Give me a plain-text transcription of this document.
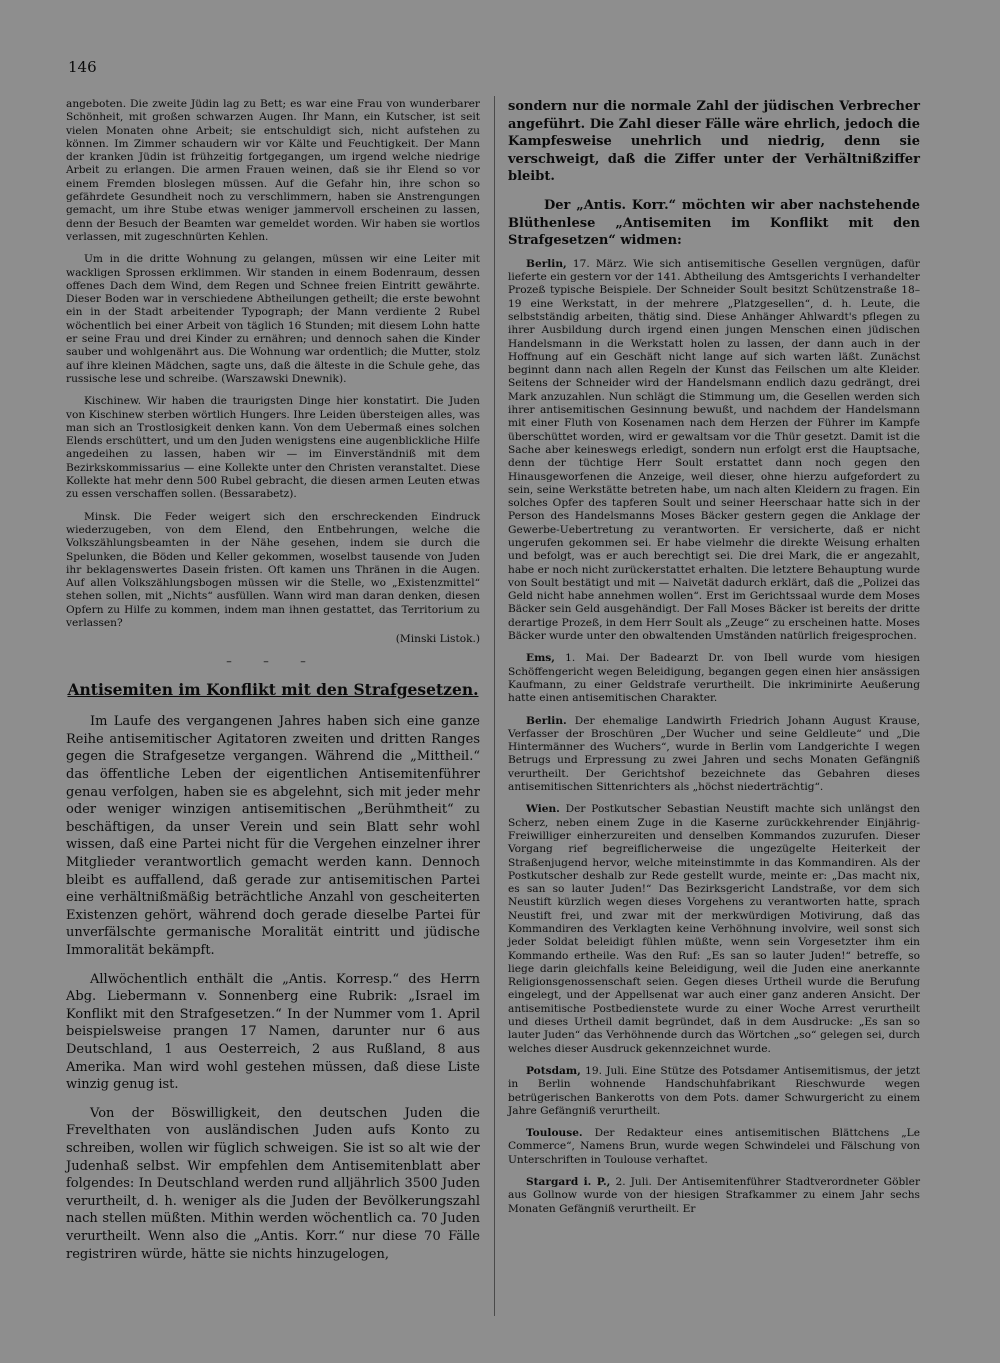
146

angeboten. Die zweite Jüdin lag zu Bett; es war eine Frau von wunderbarer Schönheit, mit großen schwarzen Augen. Ihr Mann, ein Kutscher, ist seit vielen Monaten ohne Arbeit; sie entschuldigt sich, nicht aufstehen zu können. Im Zimmer schaudern wir vor Kälte und Feuchtigkeit. Der Mann der kranken Jüdin ist frühzeitig fortgegangen, um irgend welche niedrige Arbeit zu erlangen. Die armen Frauen weinen, daß sie ihr Elend so vor einem Fremden bloslegen müssen. Auf die Gefahr hin, ihre schon so gefährdete Gesundheit noch zu verschlimmern, haben sie Anstrengungen gemacht, um ihre Stube etwas weniger jammervoll erscheinen zu lassen, denn der Besuch der Beamten war gemeldet worden. Wir haben sie wortlos verlassen, mit zugeschnürten Kehlen.

Um in die dritte Wohnung zu gelangen, müssen wir eine Leiter mit wackligen Sprossen erklimmen. Wir standen in einem Bodenraum, dessen offenes Dach dem Wind, dem Regen und Schnee freien Eintritt gewährte. Dieser Boden war in verschiedene Abtheilungen getheilt; die erste bewohnt ein in der Stadt arbeitender Typograph; der Mann verdiente 2 Rubel wöchentlich bei einer Arbeit von täglich 16 Stunden; mit diesem Lohn hatte er seine Frau und drei Kinder zu ernähren; und dennoch sahen die Kinder sauber und wohlgenährt aus. Die Wohnung war ordentlich; die Mutter, stolz auf ihre kleinen Mädchen, sagte uns, daß die älteste in die Schule gehe, das russische lese und schreibe. (Warszawski Dnewnik).

Kischinew. Wir haben die traurigsten Dinge hier konstatirt. Die Juden von Kischinew sterben wörtlich Hungers. Ihre Leiden übersteigen alles, was man sich an Trostlosigkeit denken kann. Von dem Uebermaß eines solchen Elends erschüttert, und um den Juden wenigstens eine augenblickliche Hilfe angedeihen zu lassen, haben wir — im Einverständniß mit dem Bezirkskommissarius — eine Kollekte unter den Christen veranstaltet. Diese Kollekte hat mehr denn 500 Rubel gebracht, die diesen armen Leuten etwas zu essen verschaffen sollen. (Bessarabetz).

Minsk. Die Feder weigert sich den erschreckenden Eindruck wiederzugeben, von dem Elend, den Entbehrungen, welche die Volkszählungsbeamten in der Nähe gesehen, indem sie durch die Spelunken, die Böden und Keller gekommen, woselbst tausende von Juden ihr beklagenswertes Dasein fristen. Oft kamen uns Thränen in die Augen. Auf allen Volkszählungsbogen müssen wir die Stelle, wo „Existenzmittel“ stehen sollen, mit „Nichts“ ausfüllen. Wann wird man daran denken, diesen Opfern zu Hilfe zu kommen, indem man ihnen gestattet, das Territorium zu verlassen?

(Minski Listok.)
– – –
Antisemiten im Konflikt mit den Strafgesetzen.

Im Laufe des vergangenen Jahres haben sich eine ganze Reihe antisemitischer Agitatoren zweiten und dritten Ranges gegen die Strafgesetze vergangen. Während die „Mittheil.“ das öffentliche Leben der eigentlichen Antisemitenführer genau verfolgen, haben sie es abgelehnt, sich mit jeder mehr oder weniger winzigen antisemitischen „Berühmtheit“ zu beschäftigen, da unser Verein und sein Blatt sehr wohl wissen, daß eine Partei nicht für die Vergehen einzelner ihrer Mitglieder verantwortlich gemacht werden kann. Dennoch bleibt es auffallend, daß gerade zur antisemitischen Partei eine verhältnißmäßig beträchtliche Anzahl von gescheiterten Existenzen gehört, während doch gerade dieselbe Partei für unverfälschte germanische Moralität eintritt und jüdische Immoralität bekämpft.

Allwöchentlich enthält die „Antis. Korresp.“ des Herrn Abg. Liebermann v. Sonnenberg eine Rubrik: „Israel im Konflikt mit den Strafgesetzen.“ In der Nummer vom 1. April beispielsweise prangen 17 Namen, darunter nur 6 aus Deutschland, 1 aus Oesterreich, 2 aus Rußland, 8 aus Amerika. Man wird wohl gestehen müssen, daß diese Liste winzig genug ist.

Von der Böswilligkeit, den deutschen Juden die Frevelthaten von ausländischen Juden aufs Konto zu schreiben, wollen wir füglich schweigen. Sie ist so alt wie der Judenhaß selbst. Wir empfehlen dem Antisemitenblatt aber folgendes: In Deutschland werden rund alljährlich 3500 Juden verurtheilt, d. h. weniger als die Juden der Bevölkerungszahl nach stellen müßten. Mithin werden wöchentlich ca. 70 Juden verurtheilt. Wenn also die „Antis. Korr.“ nur diese 70 Fälle registriren würde, hätte sie nichts hinzugelogen,

sondern nur die normale Zahl der jüdischen Verbrecher angeführt. Die Zahl dieser Fälle wäre ehrlich, jedoch die Kampfesweise unehrlich und niedrig, denn sie verschweigt, daß die Ziffer unter der Verhältnißziffer bleibt.

Der „Antis. Korr.“ möchten wir aber nachstehende Blüthenlese „Antisemiten im Konflikt mit den Strafgesetzen“ widmen:

Berlin, 17. März. Wie sich antisemitische Gesellen vergnügen, dafür lieferte ein gestern vor der 141. Abtheilung des Amtsgerichts I verhandelter Prozeß typische Beispiele. Der Schneider Soult besitzt Schützenstraße 18–19 eine Werkstatt, in der mehrere „Platzgesellen“, d. h. Leute, die selbstständig arbeiten, thätig sind. Diese Anhänger Ahlwardt's pflegen zu ihrer Ausbildung durch irgend einen jungen Menschen einen jüdischen Handelsmann in die Werkstatt holen zu lassen, der dann auch in der Hoffnung auf ein Geschäft nicht lange auf sich warten läßt. Zunächst beginnt dann nach allen Regeln der Kunst das Feilschen um alte Kleider. Seitens der Schneider wird der Handelsmann endlich dazu gedrängt, drei Mark anzuzahlen. Nun schlägt die Stimmung um, die Gesellen werden sich ihrer antisemitischen Gesinnung bewußt, und nachdem der Handelsmann mit einer Fluth von Kosenamen nach dem Herzen der Führer im Kampfe überschüttet worden, wird er gewaltsam vor die Thür gesetzt. Damit ist die Sache aber keineswegs erledigt, sondern nun erfolgt erst die Hauptsache, denn der tüchtige Herr Soult erstattet dann noch gegen den Hinausgeworfenen die Anzeige, weil dieser, ohne hierzu aufgefordert zu sein, seine Werkstätte betreten habe, um nach alten Kleidern zu fragen. Ein solches Opfer des tapferen Soult und seiner Heerschaar hatte sich in der Person des Handelsmanns Moses Bäcker gestern gegen die Anklage der Gewerbe-Uebertretung zu verantworten. Er versicherte, daß er nicht ungerufen gekommen sei. Er habe vielmehr die direkte Weisung erhalten und befolgt, was er auch berechtigt sei. Die drei Mark, die er angezahlt, habe er noch nicht zurückerstattet erhalten. Die letztere Behauptung wurde von Soult bestätigt und mit — Naivetät dadurch erklärt, daß die „Polizei das Geld nicht habe annehmen wollen“. Erst im Gerichtssaal wurde dem Moses Bäcker sein Geld ausgehändigt. Der Fall Moses Bäcker ist bereits der dritte derartige Prozeß, in dem Herr Soult als „Zeuge“ zu erscheinen hatte. Moses Bäcker wurde unter den obwaltenden Umständen natürlich freigesprochen.

Ems, 1. Mai. Der Badearzt Dr. von Ibell wurde vom hiesigen Schöffengericht wegen Beleidigung, begangen gegen einen hier ansässigen Kaufmann, zu einer Geldstrafe verurtheilt. Die inkriminirte Aeußerung hatte einen antisemitischen Charakter.

Berlin. Der ehemalige Landwirth Friedrich Johann August Krause, Verfasser der Broschüren „Der Wucher und seine Geldleute“ und „Die Hintermänner des Wuchers“, wurde in Berlin vom Landgerichte I wegen Betrugs und Erpressung zu zwei Jahren und sechs Monaten Gefängniß verurtheilt. Der Gerichtshof bezeichnete das Gebahren dieses antisemitischen Sittenrichters als „höchst niederträchtig“.

Wien. Der Postkutscher Sebastian Neustift machte sich unlängst den Scherz, neben einem Zuge in die Kaserne zurückkehrender Einjährig-Freiwilliger einherzureiten und denselben Kommandos zuzurufen. Dieser Vorgang rief begreiflicherweise die ungezügelte Heiterkeit der Straßenjugend hervor, welche miteinstimmte in das Kommandiren. Als der Postkutscher deshalb zur Rede gestellt wurde, meinte er: „Das macht nix, es san so lauter Juden!“ Das Bezirksgericht Landstraße, vor dem sich Neustift kürzlich wegen dieses Vorgehens zu verantworten hatte, sprach Neustift frei, und zwar mit der merkwürdigen Motivirung, daß das Kommandiren des Verklagten keine Verhöhnung involvire, weil sonst sich jeder Soldat beleidigt fühlen müßte, wenn sein Vorgesetzter ihm ein Kommando ertheile. Was den Ruf: „Es san so lauter Juden!“ betreffe, so liege darin gleichfalls keine Beleidigung, weil die Juden eine anerkannte Religionsgenossenschaft seien. Gegen dieses Urtheil wurde die Berufung eingelegt, und der Appellsenat war auch einer ganz anderen Ansicht. Der antisemitische Postbedienstete wurde zu einer Woche Arrest verurtheilt und dieses Urtheil damit begründet, daß in dem Ausdrucke: „Es san so lauter Juden“ das Verhöhnende durch das Wörtchen „so“ gelegen sei, durch welches dieser Ausdruck gekennzeichnet wurde.

Potsdam, 19. Juli. Eine Stütze des Potsdamer Antisemitismus, der jetzt in Berlin wohnende Handschuhfabrikant Rieschwurde wegen betrügerischen Bankerotts von dem Pots. damer Schwurgericht zu einem Jahre Gefängniß verurtheilt.

Toulouse. Der Redakteur eines antisemitischen Blättchens „Le Commerce“, Namens Brun, wurde wegen Schwindelei und Fälschung von Unterschriften in Toulouse verhaftet.

Stargard i. P., 2. Juli. Der Antisemitenführer Stadtverordneter Göbler aus Gollnow wurde von der hiesigen Strafkammer zu einem Jahr sechs Monaten Gefängniß verurtheilt. Er
